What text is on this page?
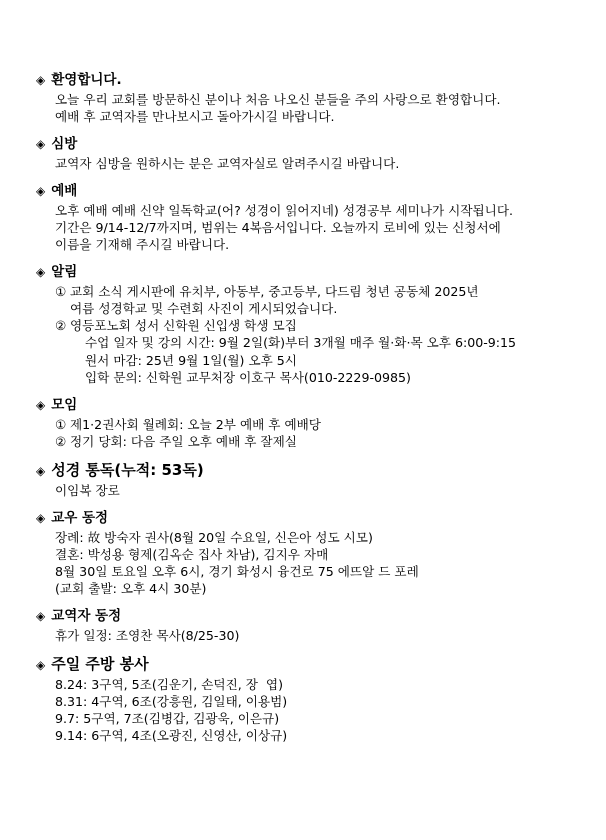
◈ 환영합니다.
오늘 우리 교회를 방문하신 분이나 처음 나오신 분들을 주의 사랑으로 환영합니다.
예배 후 교역자를 만나보시고 돌아가시길 바랍니다.
◈ 심방
교역자 심방을 원하시는 분은 교역자실로 알려주시길 바랍니다.
◈ 예배
오후 예배 예배 신약 일독학교(어? 성경이 읽어지네) 성경공부 세미나가 시작됩니다.
기간은 9/14-12/7까지며, 범위는 4복음서입니다. 오늘까지 로비에 있는 신청서에
이름을 기재해 주시길 바랍니다.
◈ 알림
① 교회 소식 게시판에 유치부, 아동부, 중고등부, 다드림 청년 공동체 2025년
여름 성경학교 및 수련회 사진이 게시되었습니다.
② 영등포노회 성서 신학원 신입생 학생 모집
수업 일자 및 강의 시간: 9월 2일(화)부터 3개월 매주 월·화·목 오후 6:00-9:15
원서 마감: 25년 9월 1일(월) 오후 5시
입학 문의: 신학원 교무처장 이호구 목사(010-2229-0985)
◈ 모임
① 제1·2권사회 월례회: 오늘 2부 예배 후 예배당
② 정기 당회: 다음 주일 오후 예배 후 잘제실
◈ 성경 통독(누적: 53독)
이임복 장로
◈ 교우 동정
장례: 故 방숙자 권사(8월 20일 수요일, 신은아 성도 시모)
결혼: 박성용 형제(김옥순 집사 차남), 김지우 자매
8월 30일 토요일 오후 6시, 경기 화성시 융건로 75 에뜨알 드 포레
(교회 출발: 오후 4시 30분)
◈ 교역자 동정
휴가 일정: 조영찬 목사(8/25-30)
◈ 주일 주방 봉사
8.24: 3구역, 5조(김운기, 손덕진, 장  엽)
8.31: 4구역, 6조(강흥원, 김일태, 이용범)
9.7: 5구역, 7조(김병갑, 김광욱, 이은규)
9.14: 6구역, 4조(오광진, 신영산, 이상규)
